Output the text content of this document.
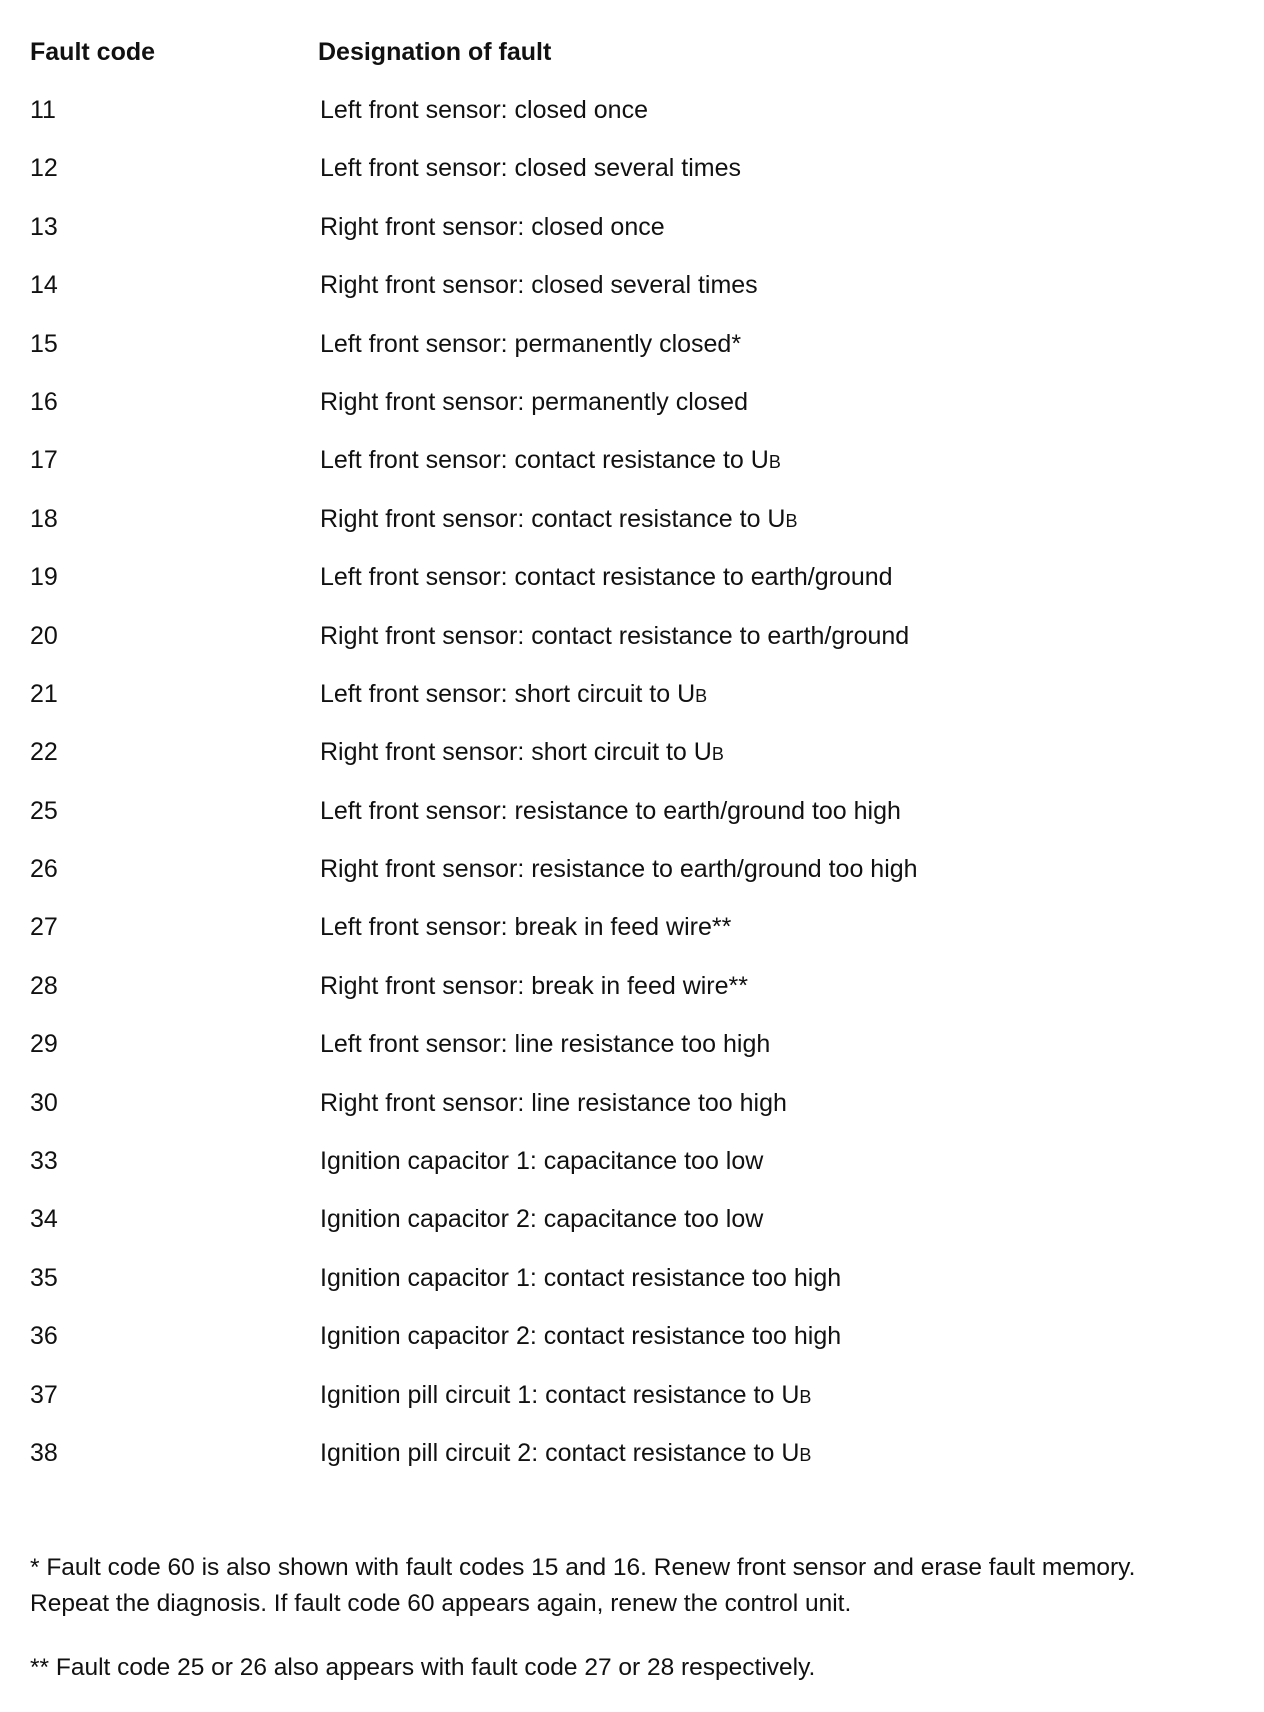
Fault code	Designation of fault
11	Left front sensor: closed once
12	Left front sensor: closed several times
13	Right front sensor: closed once
14	Right front sensor: closed several times
15	Left front sensor: permanently closed*
16	Right front sensor: permanently closed
17	Left front sensor: contact resistance to UB
18	Right front sensor: contact resistance to UB
19	Left front sensor: contact resistance to earth/ground
20	Right front sensor: contact resistance to earth/ground
21	Left front sensor: short circuit to UB
22	Right front sensor: short circuit to UB
25	Left front sensor: resistance to earth/ground too high
26	Right front sensor: resistance to earth/ground too high
27	Left front sensor: break in feed wire**
28	Right front sensor: break in feed wire**
29	Left front sensor: line resistance too high
30	Right front sensor: line resistance too high
33	Ignition capacitor 1: capacitance too low
34	Ignition capacitor 2: capacitance too low
35	Ignition capacitor 1: contact resistance too high
36	Ignition capacitor 2: contact resistance too high
37	Ignition pill circuit 1: contact resistance to UB
38	Ignition pill circuit 2: contact resistance to UB

* Fault code 60 is also shown with fault codes 15 and 16. Renew front sensor and erase fault memory. Repeat the diagnosis. If fault code 60 appears again, renew the control unit.

** Fault code 25 or 26 also appears with fault code 27 or 28 respectively.
